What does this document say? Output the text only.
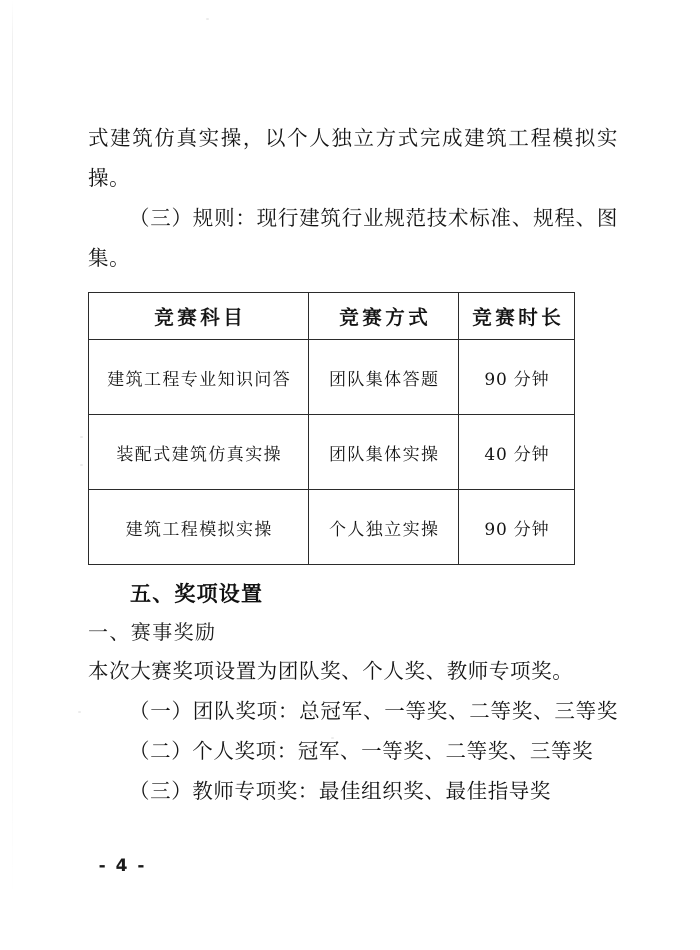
式建筑仿真实操，以个人独立方式完成建筑工程模拟实操。

（三）规则：现行建筑行业规范技术标准、规程、图集。

竞赛科目	竞赛方式	竞赛时长
建筑工程专业知识问答	团队集体答题	90 分钟
装配式建筑仿真实操	团队集体实操	40 分钟
建筑工程模拟实操	个人独立实操	90 分钟

五、奖项设置

一、赛事奖励

本次大赛奖项设置为团队奖、个人奖、教师专项奖。

（一）团队奖项：总冠军、一等奖、二等奖、三等奖

（二）个人奖项：冠军、一等奖、二等奖、三等奖

（三）教师专项奖：最佳组织奖、最佳指导奖

- 4 -
